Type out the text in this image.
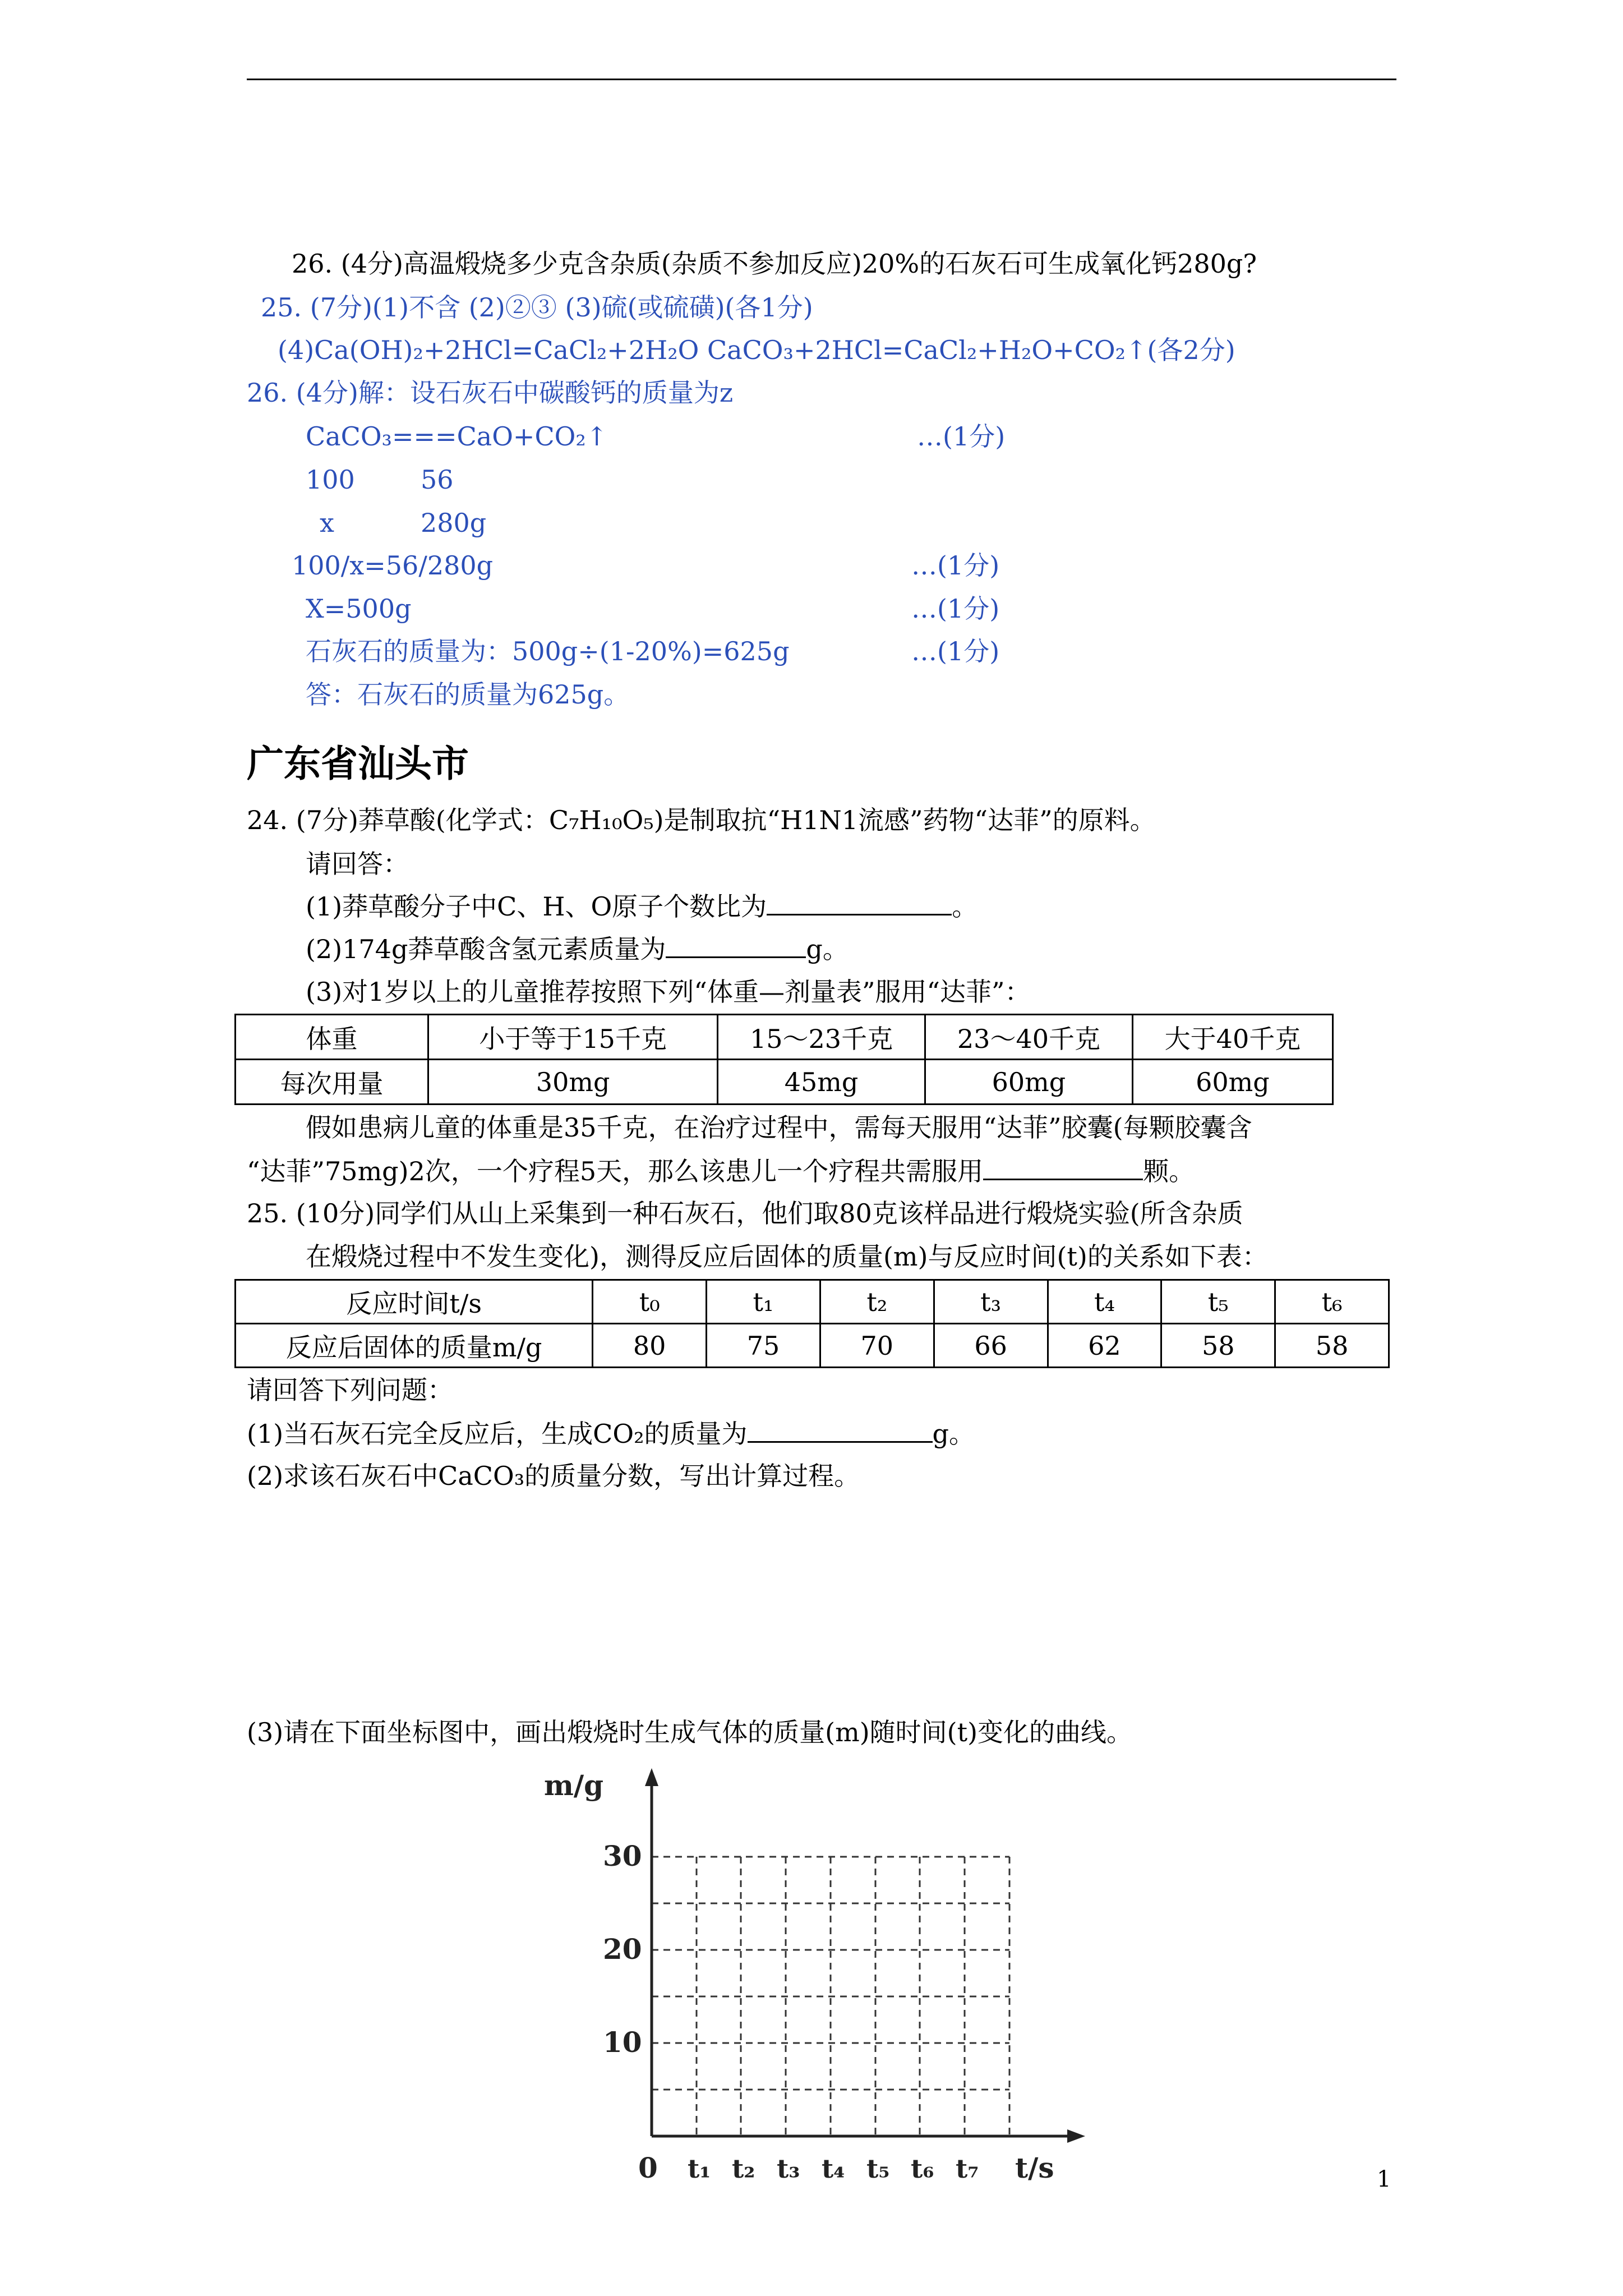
26. (4分)高温煅烧多少克含杂质(杂质不参加反应)20%的石灰石可生成氧化钙280g?
25. (7分)(1)不含 (2)②③ (3)硫(或硫磺)(各1分)
(4)Ca(OH)₂+2HCl=CaCl₂+2H₂O CaCO₃+2HCl=CaCl₂+H₂O+CO₂↑(各2分)
26. (4分)解：设石灰石中碳酸钙的质量为z
CaCO₃===CaO+CO₂↑	…(1分)
100	56
x	280g
100/x=56/280g	…(1分)
X=500g	…(1分)
石灰石的质量为：500g÷(1-20%)=625g	…(1分)
答：石灰石的质量为625g。
广东省汕头市
24. (7分)莽草酸(化学式：C₇H₁₀O₅)是制取抗“H1N1流感”药物“达菲”的原料。
请回答：
(1)莽草酸分子中C、H、O原子个数比为	。
(2)174g莽草酸含氢元素质量为	g。
(3)对1岁以上的儿童推荐按照下列“体重—剂量表”服用“达菲”：
体重	小于等于15千克	15～23千克	23～40千克	大于40千克
每次用量	30mg	45mg	60mg	60mg
假如患病儿童的体重是35千克，在治疗过程中，需每天服用“达菲”胶囊(每颗胶囊含
“达菲”75mg)2次，一个疗程5天，那么该患儿一个疗程共需服用	颗。
25. (10分)同学们从山上采集到一种石灰石，他们取80克该样品进行煅烧实验(所含杂质
在煅烧过程中不发生变化)，测得反应后固体的质量(m)与反应时间(t)的关系如下表：
反应时间t/s	t₀	t₁	t₂	t₃	t₄	t₅	t₆
反应后固体的质量m/g	80	75	70	66	62	58	58
请回答下列问题：
(1)当石灰石完全反应后，生成CO₂的质量为	g。
(2)求该石灰石中CaCO₃的质量分数，写出计算过程。
(3)请在下面坐标图中，画出煅烧时生成气体的质量(m)随时间(t)变化的曲线。
m/g
30
20
10
0 t₁ t₂ t₃ t₄ t₅ t₆ t₇ t/s	1
